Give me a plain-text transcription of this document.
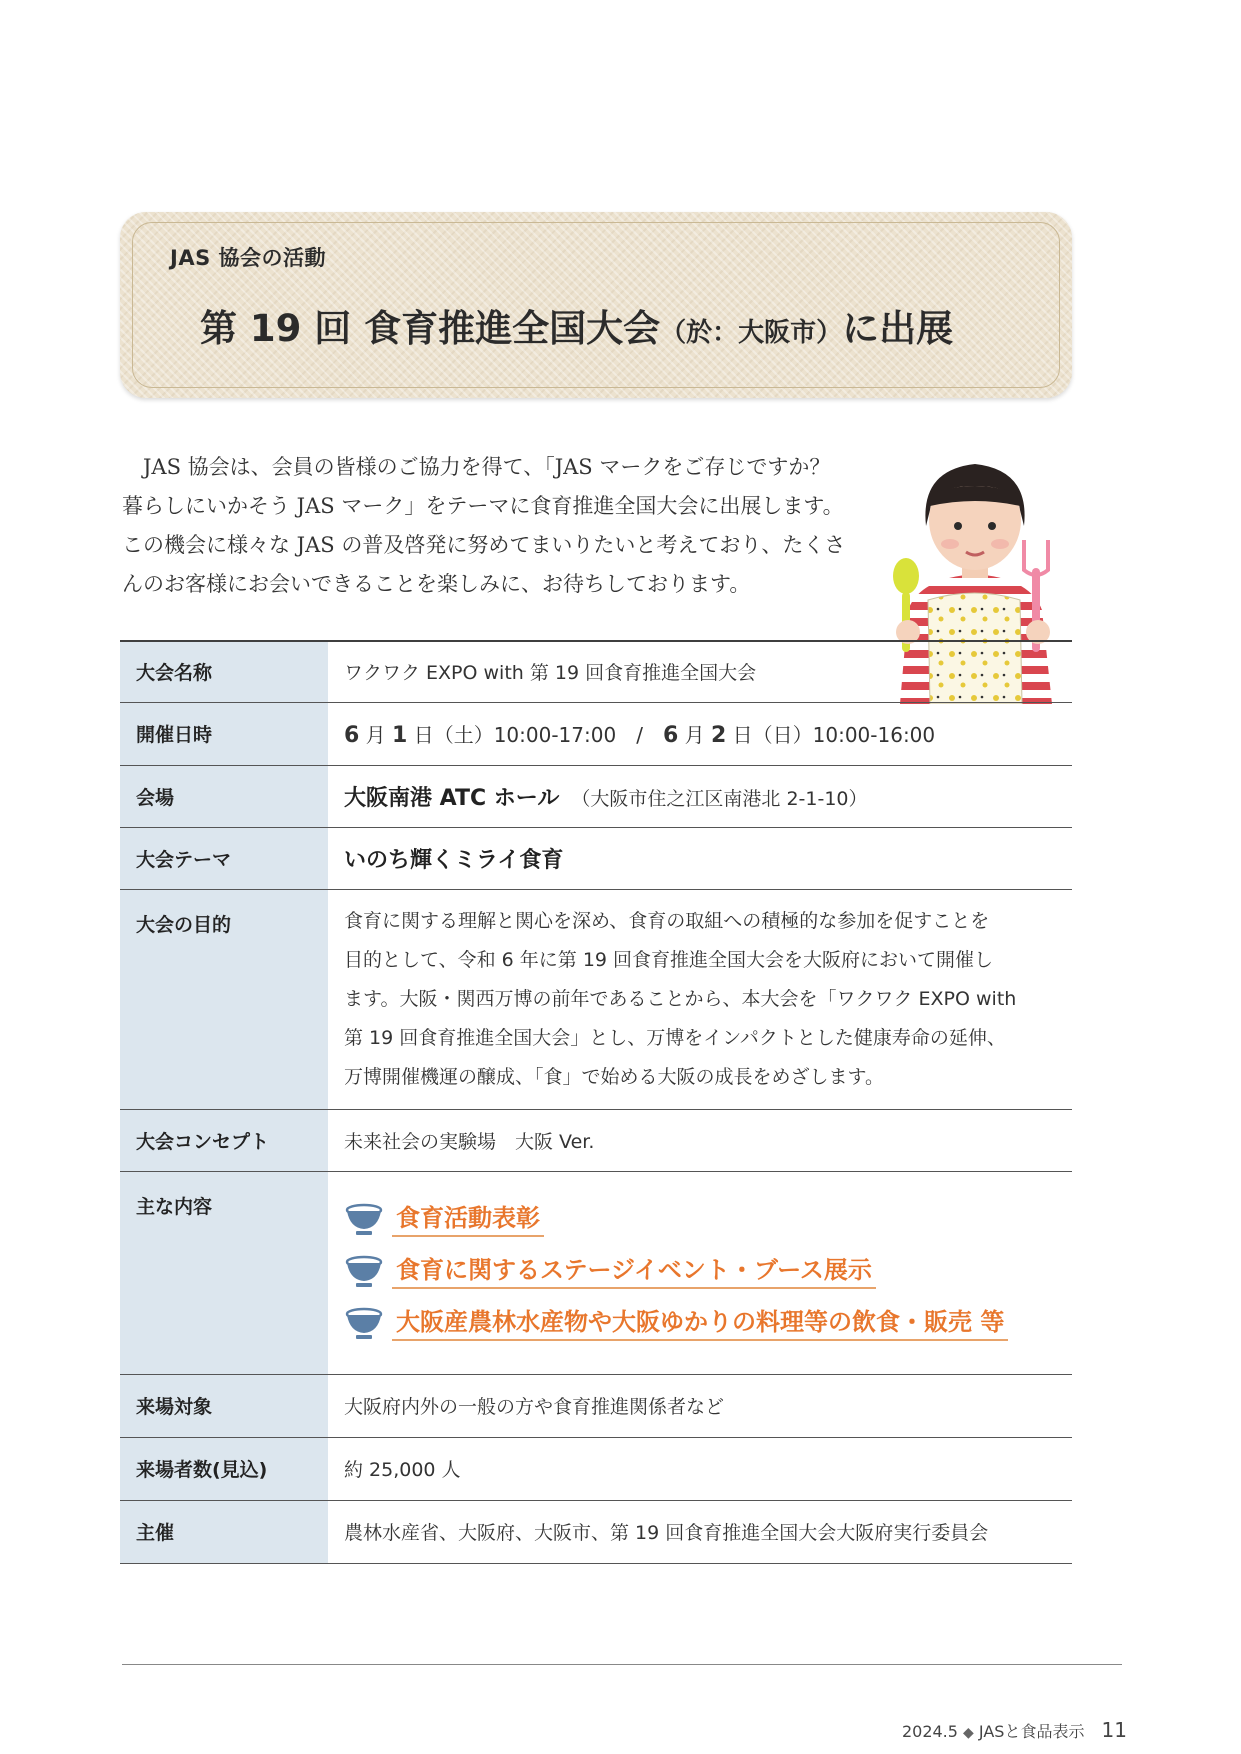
JAS 協会の活動
第 19 回 食育推進全国大会（於：大阪市）に出展

　JAS 協会は、会員の皆様のご協力を得て、「JAS マークをご存じですか？

暮らしにいかそう JAS マーク」をテーマに食育推進全国大会に出展します。

この機会に様々な JAS の普及啓発に努めてまいりたいと考えており、たくさ

んのお客様にお会いできることを楽しみに、お待ちしております。

大会名称	ワクワク EXPO with 第 19 回食育推進全国大会
開催日時	6 月 1 日（土）10:00-17:00　/　6 月 2 日（日）10:00-16:00
会場	大阪南港 ATC ホール （大阪市住之江区南港北 2-1-10）
大会テーマ	いのち輝くミライ食育
大会の目的	食育に関する理解と関心を深め、食育の取組への積極的な参加を促すことを
目的として、令和 6 年に第 19 回食育推進全国大会を大阪府において開催し
ます。大阪・関西万博の前年であることから、本大会を「ワクワク EXPO with
第 19 回食育推進全国大会」とし、万博をインパクトとした健康寿命の延伸、
万博開催機運の醸成、「食」で始める大阪の成長をめざします。

大会コンセプト	未来社会の実験場　大阪 Ver.
主な内容	食育活動表彰
食育に関するステージイベント・ブース展示
大阪産農林水産物や大阪ゆかりの料理等の飲食・販売 等

来場対象	大阪府内外の一般の方や食育推進関係者など
来場者数(見込)	約 25,000 人
主催	農林水産省、大阪府、大阪市、第 19 回食育推進全国大会大阪府実行委員会
2024.5 ◆ JASと食品表示 11
